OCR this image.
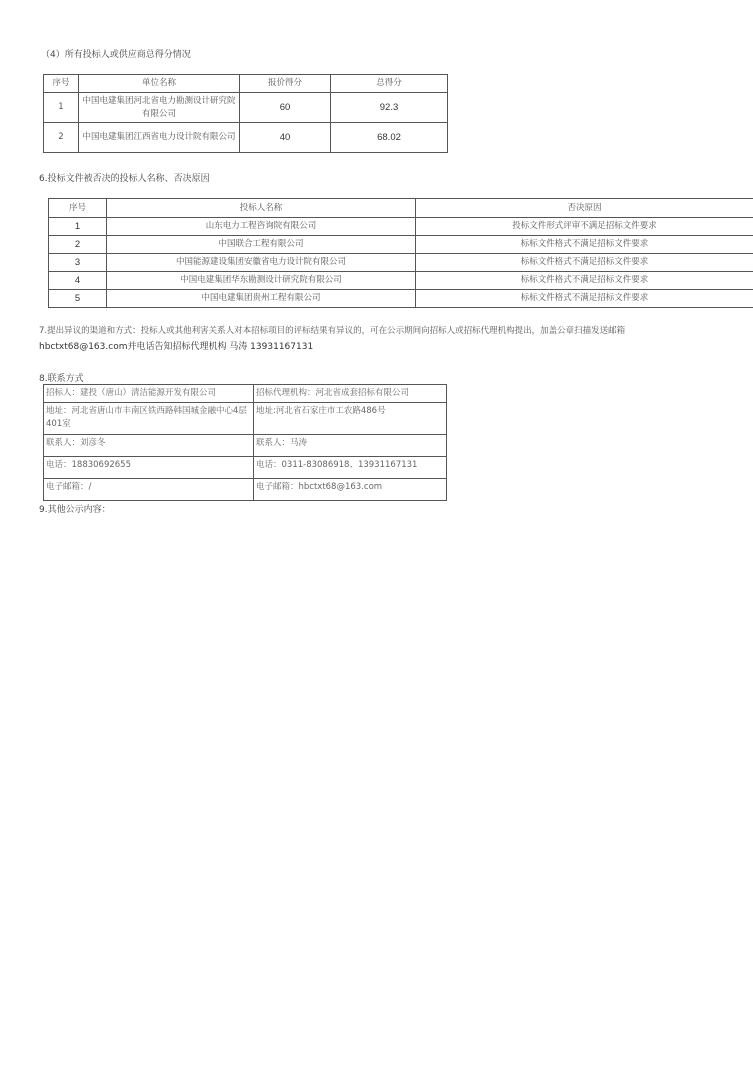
（4）所有投标人或供应商总得分情况
序号	单位名称	报价得分	总得分
1	中国电建集团河北省电力勘测设计研究院有限公司	60	92.3
2	中国电建集团江西省电力设计院有限公司	40	68.02
6.投标文件被否决的投标人名称、否决原因
序号	投标人名称	否决原因
1	山东电力工程咨询院有限公司	投标文件形式评审不满足招标文件要求
2	中国联合工程有限公司	标标文件格式不满足招标文件要求
3	中国能源建设集团安徽省电力设计院有限公司	标标文件格式不满足招标文件要求
4	中国电建集团华东勘测设计研究院有限公司	标标文件格式不满足招标文件要求
5	中国电建集团贵州工程有限公司	标标文件格式不满足招标文件要求
7.提出异议的渠道和方式：投标人或其他利害关系人对本招标项目的评标结果有异议的，可在公示期间向招标人或招标代理机构提出，加盖公章扫描发送邮箱
hbctxt68@163.com并电话告知招标代理机构 马涛 13931167131
8.联系方式
招标人：建投（唐山）清洁能源开发有限公司	招标代理机构：河北省成套招标有限公司
地址：河北省唐山市丰南区铁西路韩国城金融中心4层401室	地址:河北省石家庄市工农路486号
联系人：刘彦冬	联系人：马涛
电话：18830692655	电话：0311-83086918、13931167131
电子邮箱：/	电子邮箱：hbctxt68@163.com
9.其他公示内容：
